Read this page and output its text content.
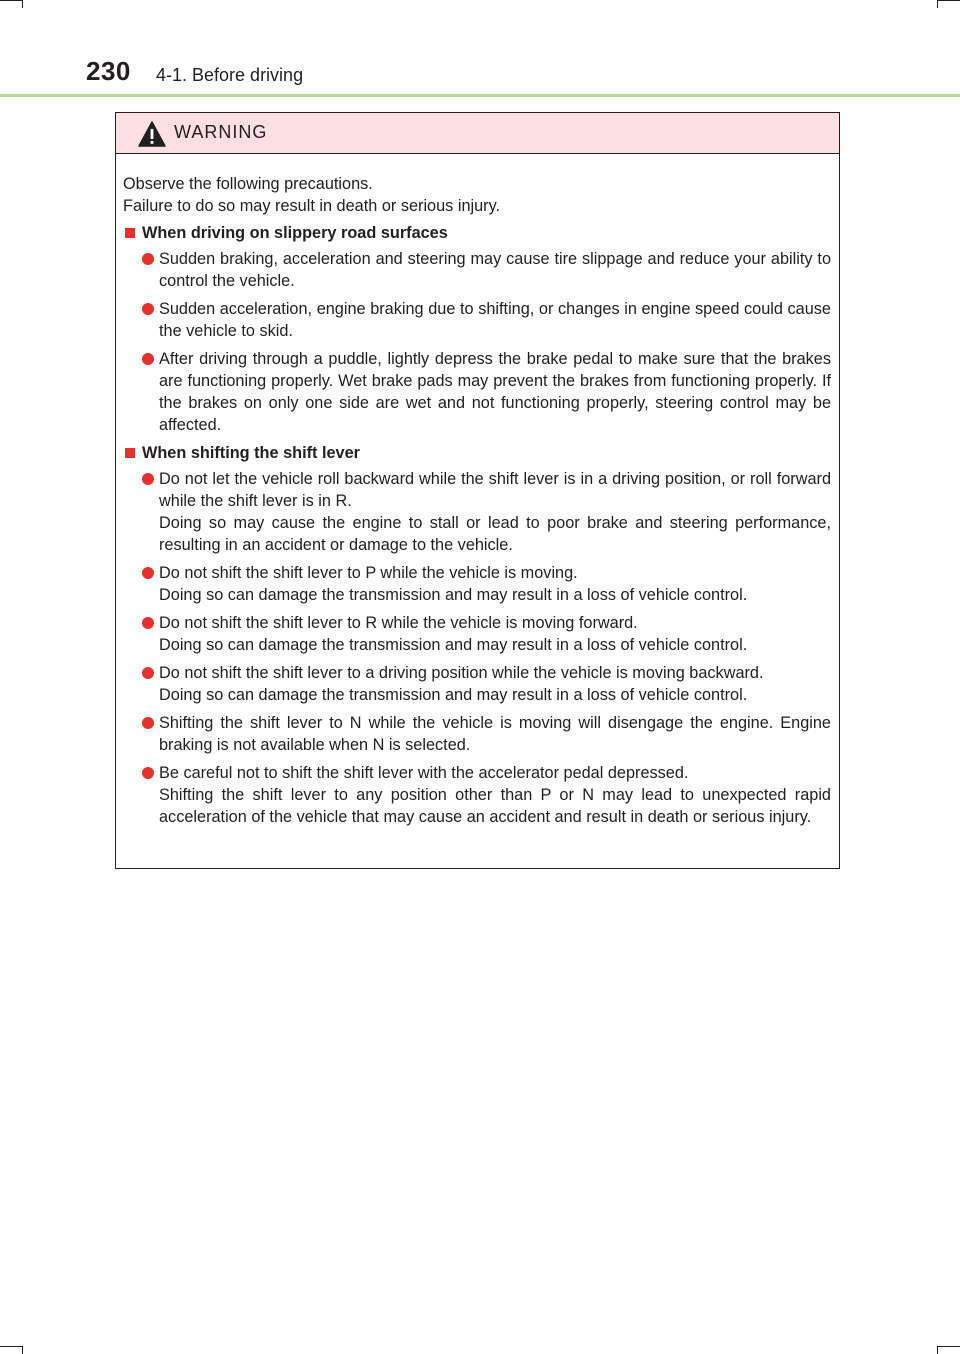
230 4-1. Before driving
WARNING

Observe the following precautions.

Failure to do so may result in death or serious injury.

When driving on slippery road surfaces

Sudden braking, acceleration and steering may cause tire slippage and reduce your ability to control the vehicle.

Sudden acceleration, engine braking due to shifting, or changes in engine speed could cause the vehicle to skid.

After driving through a puddle, lightly depress the brake pedal to make sure that the brakes are functioning properly. Wet brake pads may prevent the brakes from functioning properly. If the brakes on only one side are wet and not functioning properly, steering control may be affected.

When shifting the shift lever

Do not let the vehicle roll backward while the shift lever is in a driving position, or roll forward while the shift lever is in R.

Doing so may cause the engine to stall or lead to poor brake and steering performance, resulting in an accident or damage to the vehicle.

Do not shift the shift lever to P while the vehicle is moving.

Doing so can damage the transmission and may result in a loss of vehicle control.

Do not shift the shift lever to R while the vehicle is moving forward.

Doing so can damage the transmission and may result in a loss of vehicle control.

Do not shift the shift lever to a driving position while the vehicle is moving backward.

Doing so can damage the transmission and may result in a loss of vehicle control.

Shifting the shift lever to N while the vehicle is moving will disengage the engine. Engine braking is not available when N is selected.

Be careful not to shift the shift lever with the accelerator pedal depressed.

Shifting the shift lever to any position other than P or N may lead to unexpected rapid acceleration of the vehicle that may cause an accident and result in death or serious injury.
